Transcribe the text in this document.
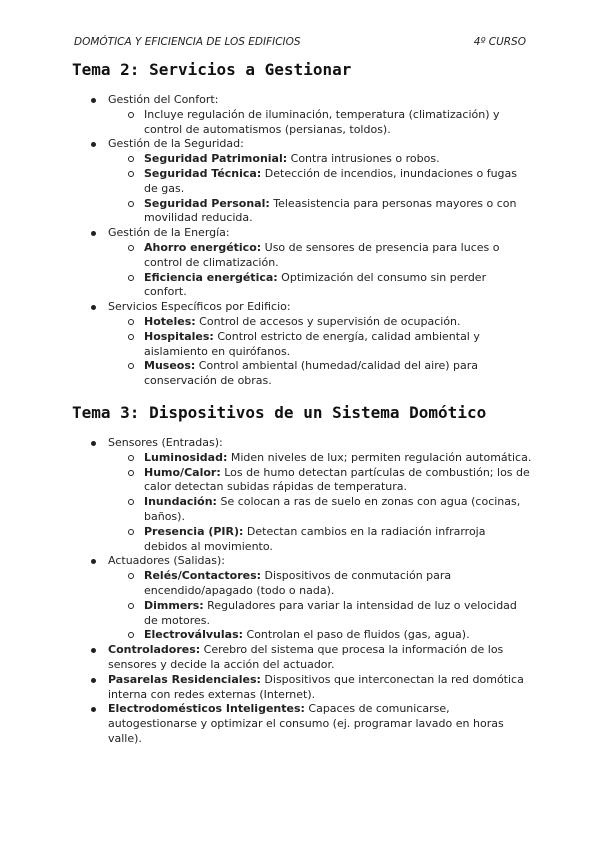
DOMÓTICA Y EFICIENCIA DE LOS EDIFICIOS	4º CURSO
Tema 2: Servicios a Gestionar
Gestión del Confort:
Incluye regulación de iluminación, temperatura (climatización) y control de automatismos (persianas, toldos).
Gestión de la Seguridad:
Seguridad Patrimonial: Contra intrusiones o robos.
Seguridad Técnica: Detección de incendios, inundaciones o fugas de gas.
Seguridad Personal: Teleasistencia para personas mayores o con movilidad reducida.
Gestión de la Energía:
Ahorro energético: Uso de sensores de presencia para luces o control de climatización.
Eficiencia energética: Optimización del consumo sin perder confort.
Servicios Específicos por Edificio:
Hoteles: Control de accesos y supervisión de ocupación.
Hospitales: Control estricto de energía, calidad ambiental y aislamiento en quirófanos.
Museos: Control ambiental (humedad/calidad del aire) para conservación de obras.
Tema 3: Dispositivos de un Sistema Domótico
Sensores (Entradas):
Luminosidad: Miden niveles de lux; permiten regulación automática.
Humo/Calor: Los de humo detectan partículas de combustión; los de calor detectan subidas rápidas de temperatura.
Inundación: Se colocan a ras de suelo en zonas con agua (cocinas, baños).
Presencia (PIR): Detectan cambios en la radiación infrarroja debidos al movimiento.
Actuadores (Salidas):
Relés/Contactores: Dispositivos de conmutación para encendido/apagado (todo o nada).
Dimmers: Reguladores para variar la intensidad de luz o velocidad de motores.
Electroválvulas: Controlan el paso de fluidos (gas, agua).
Controladores: Cerebro del sistema que procesa la información de los sensores y decide la acción del actuador.
Pasarelas Residenciales: Dispositivos que interconectan la red domótica interna con redes externas (Internet).
Electrodomésticos Inteligentes: Capaces de comunicarse, autogestionarse y optimizar el consumo (ej. programar lavado en horas valle).
